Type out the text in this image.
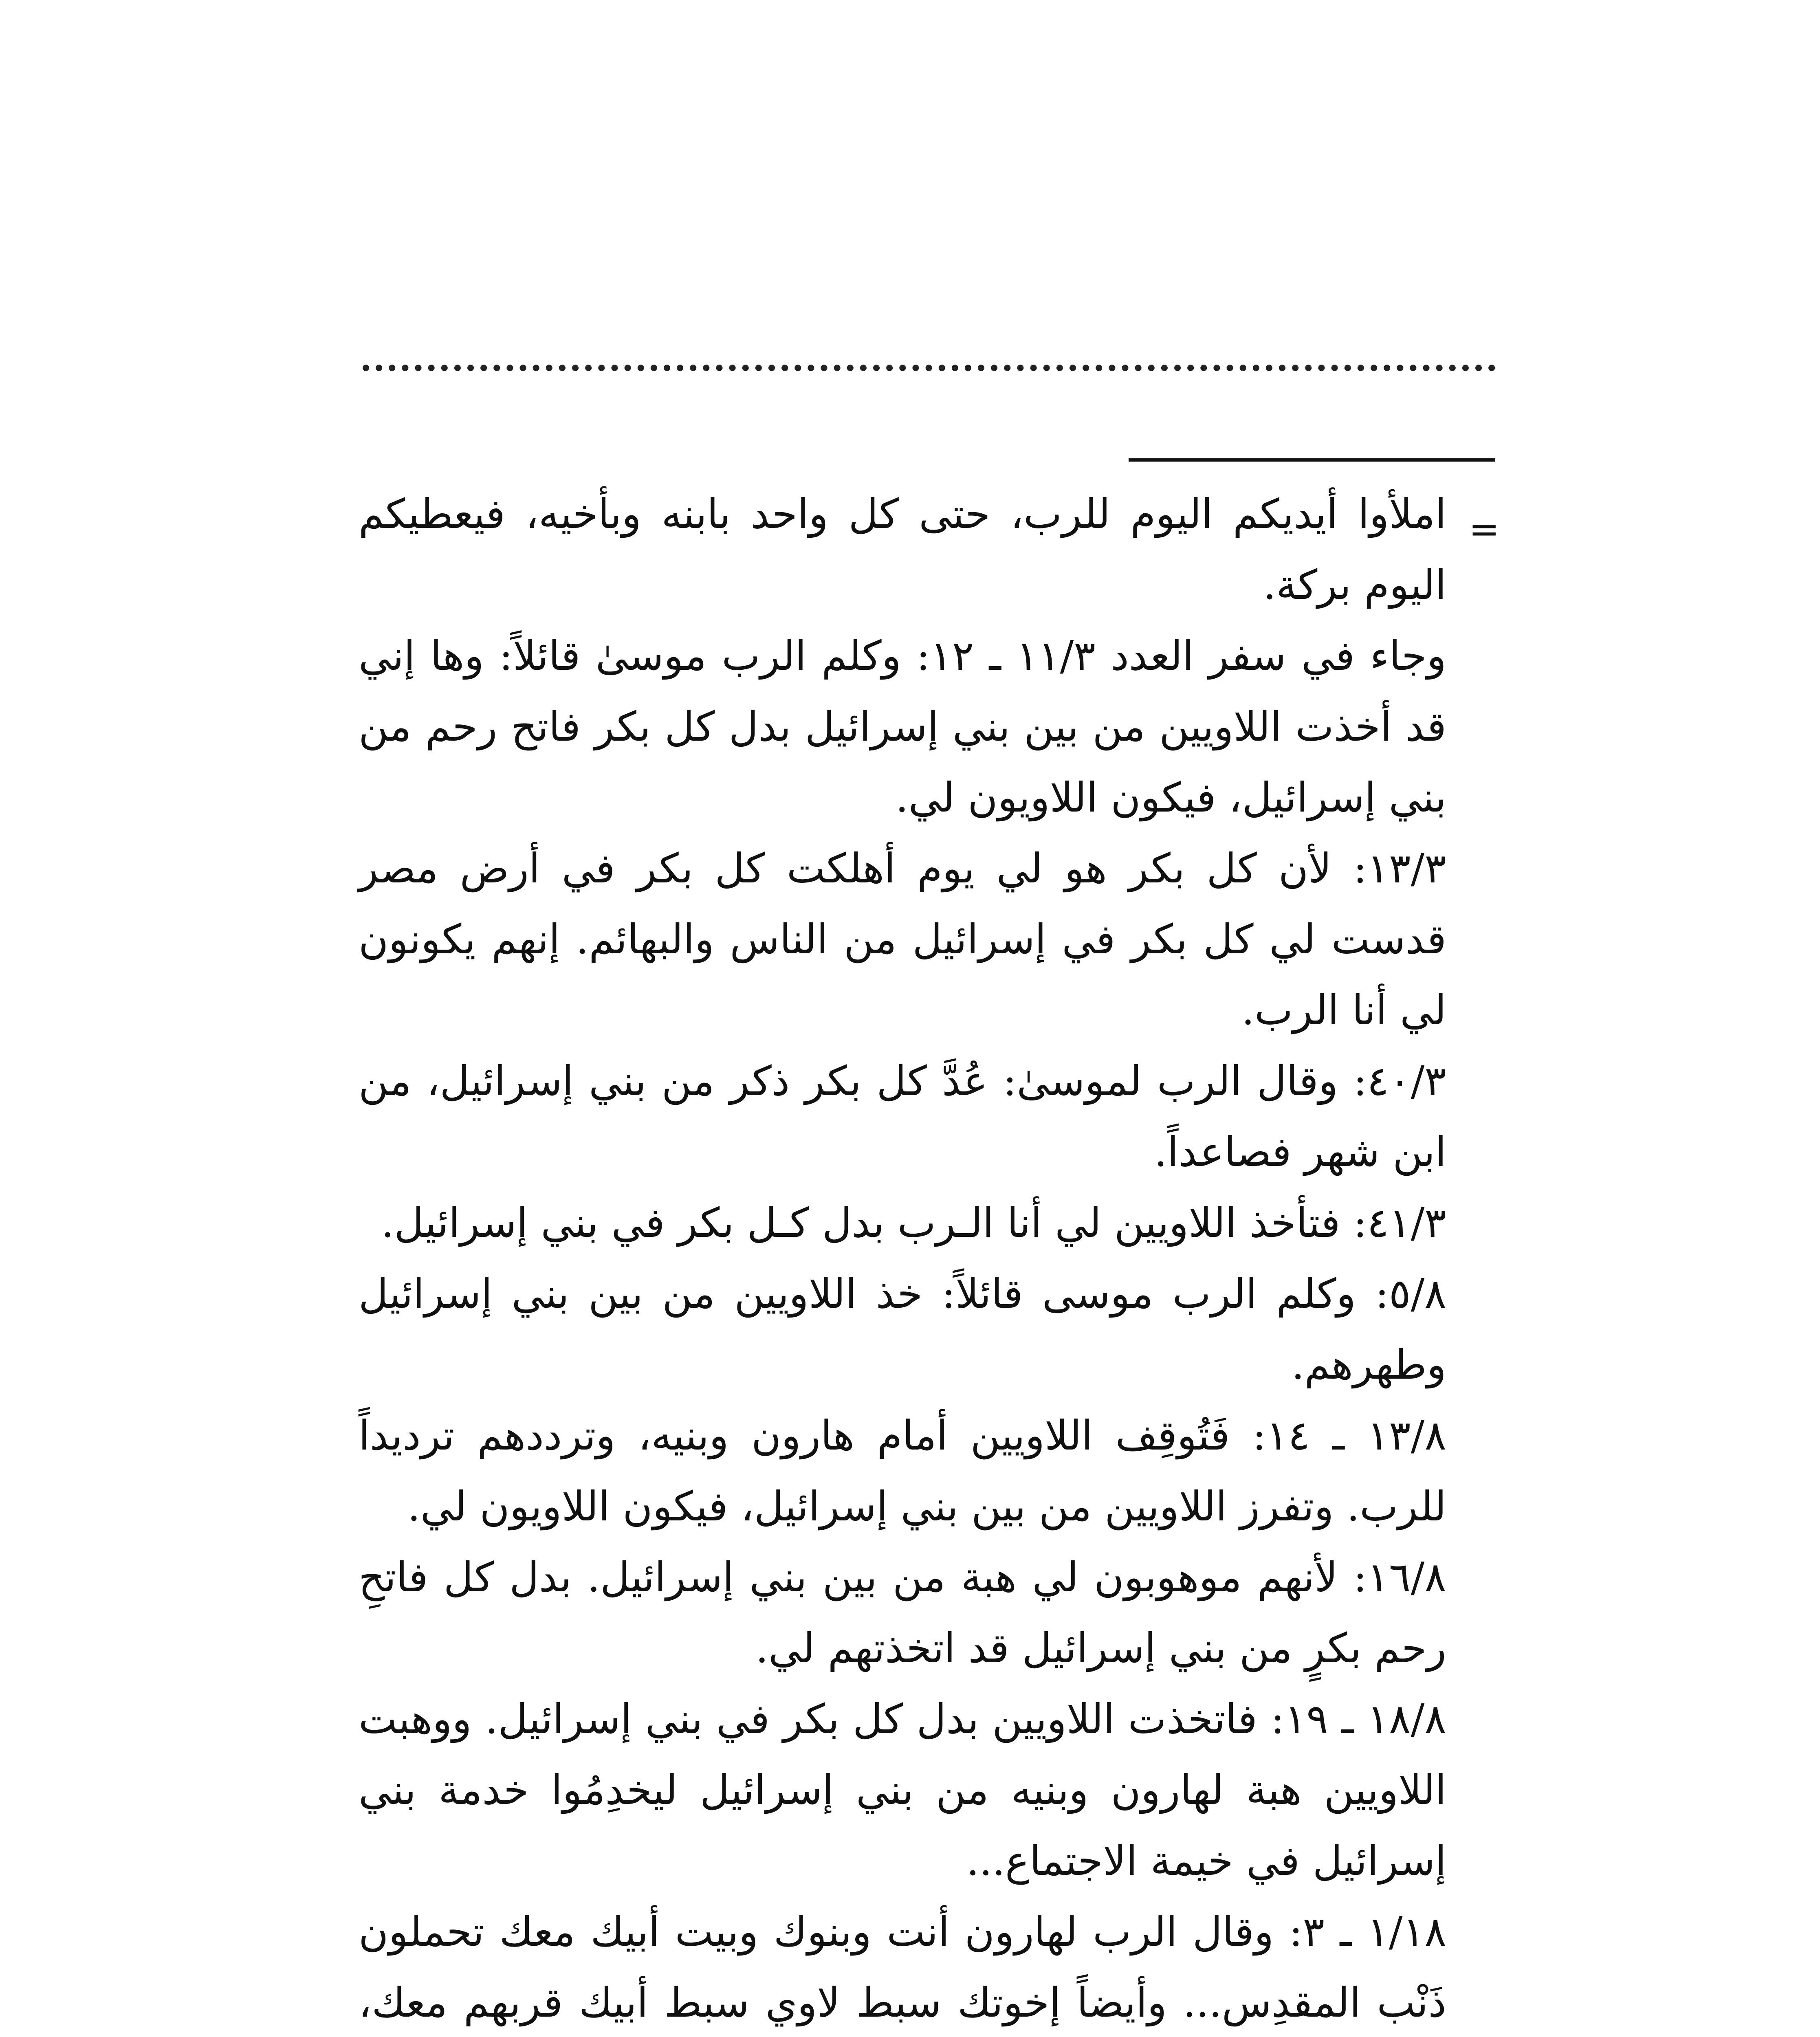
=

املأوا أيديكم اليوم للرب، حتى كل واحد بابنه وبأخيه، فيعطيكم اليوم بركة.

وجاء في سفر العدد ١١/٣ ـ ١٢: وكلم الرب موسىٰ قائلاً: وها إني قد أخذت اللاويين من بين بني إسرائيل بدل كل بكر فاتح رحم من بني إسرائيل، فيكون اللاويون لي.

١٣/٣: لأن كل بكر هو لي يوم أهلكت كل بكر في أرض مصر قدست لي كل بكر في إسرائيل من الناس والبهائم. إنهم يكونون لي أنا الرب.

٤٠/٣: وقال الرب لموسىٰ: عُدَّ كل بكر ذكر من بني إسرائيل، من ابن شهر فصاعداً.

٤١/٣: فتأخذ اللاويين لي أنا الـرب بدل كـل بكر في بني إسرائيل.

٥/٨: وكلم الرب موسى قائلاً: خذ اللاويين من بين بني إسرائيل وطهرهم.

١٣/٨ ـ ١٤: فَتُوقِف اللاويين أمام هارون وبنيه، وترددهم ترديداً للرب. وتفرز اللاويين من بين بني إسرائيل، فيكون اللاويون لي.

١٦/٨: لأنهم موهوبون لي هبة من بين بني إسرائيل. بدل كل فاتحِ رحم بكرٍ من بني إسرائيل قد اتخذتهم لي.

١٨/٨ ـ ١٩: فاتخذت اللاويين بدل كل بكر في بني إسرائيل. ووهبت اللاويين هبة لهارون وبنيه من بني إسرائيل ليخدِمُوا خدمة بني إسرائيل في خيمة الاجتماع...

١/١٨ ـ ٣: وقال الرب لهارون أنت وبنوك وبيت أبيك معك تحملون ذَنْب المقدِس... وأيضاً إخوتك سبط لاوي سبط أبيك قربهم معك،
